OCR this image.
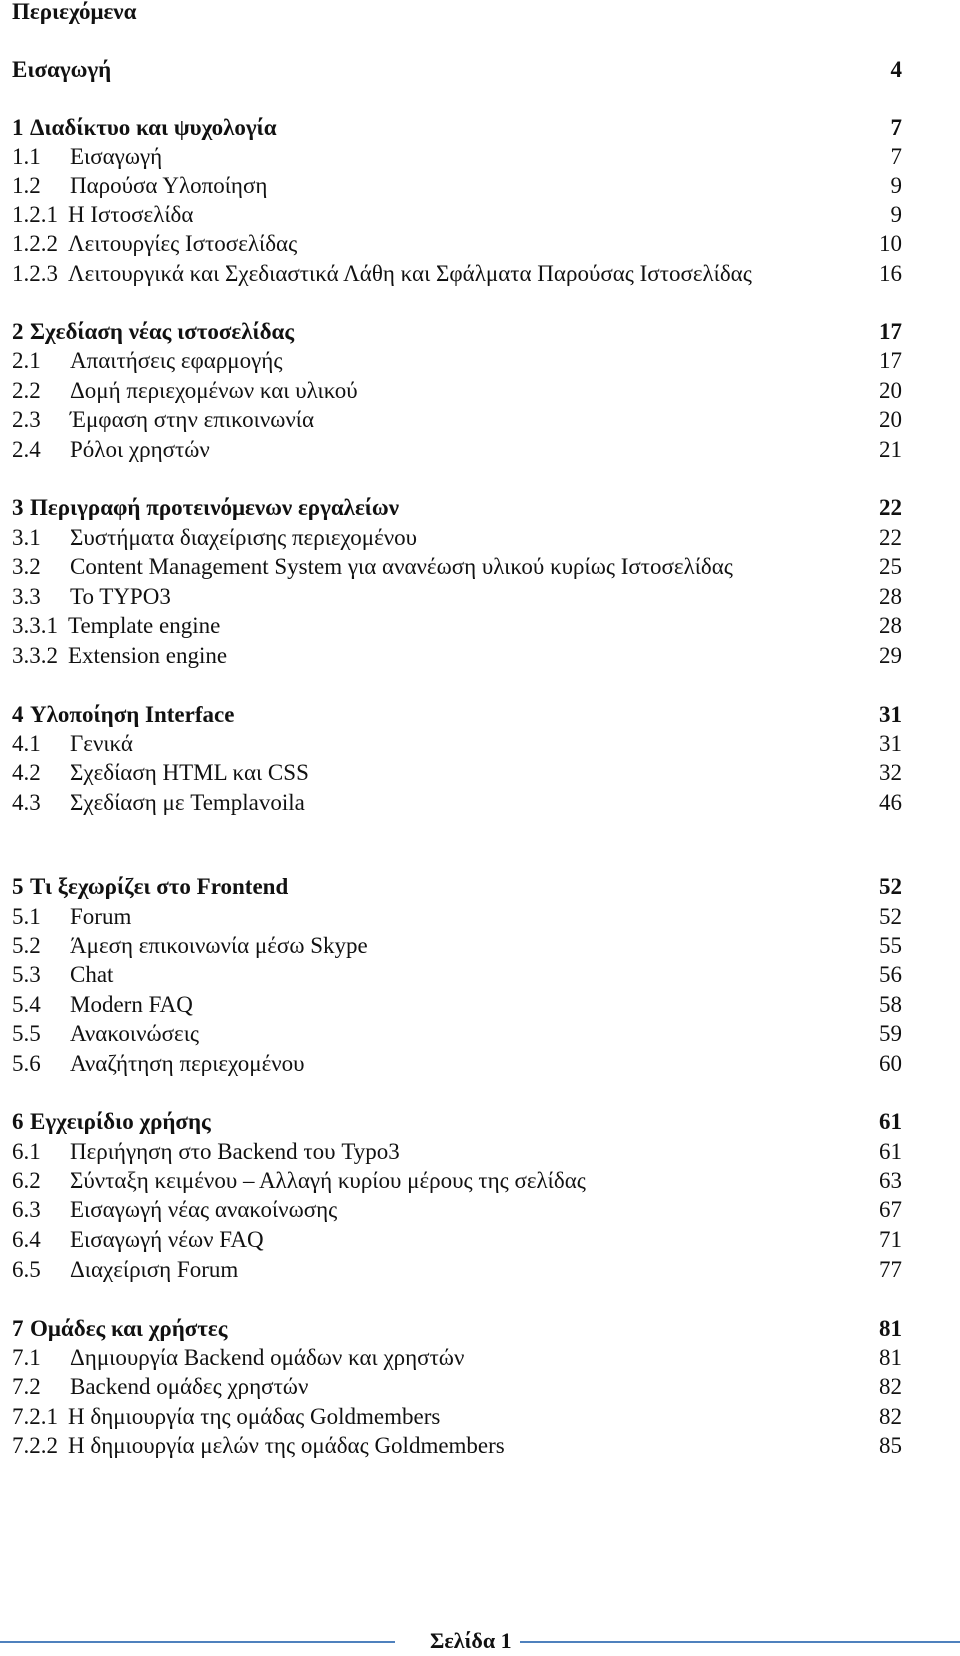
Περιεχόμενα
Εισαγωγή	4
1 Διαδίκτυο και ψυχολογία	7
1.1 Εισαγωγή	7
1.2 Παρούσα Υλοποίηση	9
1.2.1 Η Ιστοσελίδα	9
1.2.2 Λειτουργίες Ιστοσελίδας	10
1.2.3 Λειτουργικά και Σχεδιαστικά Λάθη και Σφάλματα Παρούσας Ιστοσελίδας	16
2 Σχεδίαση νέας ιστοσελίδας	17
2.1 Απαιτήσεις εφαρμογής	17
2.2 Δομή περιεχομένων και υλικού	20
2.3 Έμφαση στην επικοινωνία	20
2.4 Ρόλοι χρηστών	21
3 Περιγραφή προτεινόμενων εργαλείων	22
3.1 Συστήματα διαχείρισης περιεχομένου	22
3.2 Content Management System για ανανέωση υλικού κυρίως Ιστοσελίδας	25
3.3 To TYPO3	28
3.3.1 Template engine	28
3.3.2 Extension engine	29
4 Υλοποίηση Interface	31
4.1 Γενικά	31
4.2 Σχεδίαση HTML και CSS	32
4.3 Σχεδίαση με Templavoila	46
5 Τι ξεχωρίζει στο Frontend	52
5.1 Forum	52
5.2 Άμεση επικοινωνία μέσω Skype	55
5.3 Chat	56
5.4 Modern FAQ	58
5.5 Ανακοινώσεις	59
5.6 Αναζήτηση περιεχομένου	60
6 Εγχειρίδιο χρήσης	61
6.1 Περιήγηση στο Backend του Typo3	61
6.2 Σύνταξη κειμένου – Αλλαγή κυρίου μέρους της σελίδας	63
6.3 Εισαγωγή νέας ανακοίνωσης	67
6.4 Εισαγωγή νέων FAQ	71
6.5 Διαχείριση Forum	77
7 Ομάδες και χρήστες	81
7.1 Δημιουργία Backend ομάδων και χρηστών	81
7.2 Backend ομάδες χρηστών	82
7.2.1 Η δημιουργία της ομάδας Goldmembers	82
7.2.2 Η δημιουργία μελών της ομάδας Goldmembers	85
Σελίδα 1
